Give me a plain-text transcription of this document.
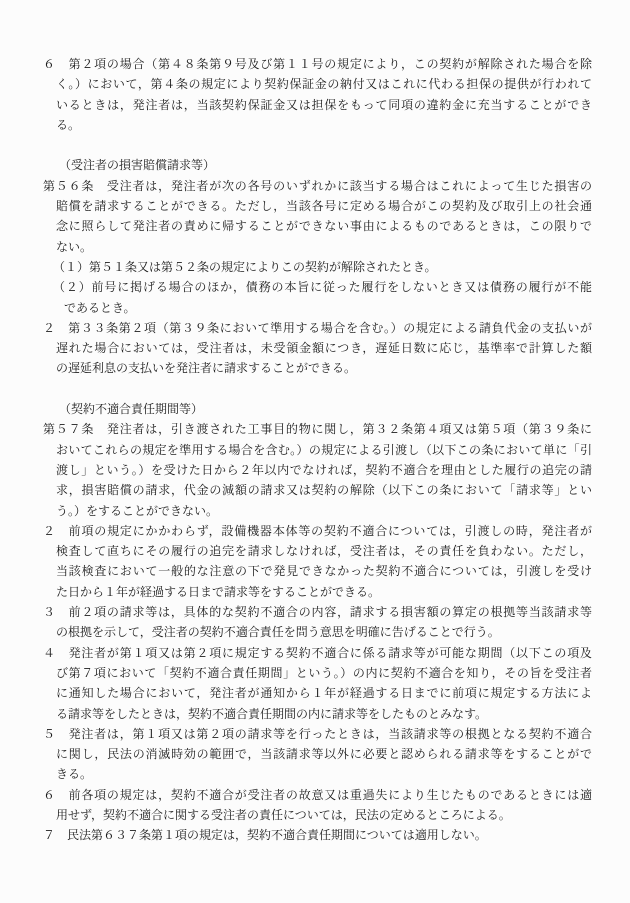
６　第２項の場合（第４８条第９号及び第１１号の規定により，この契約が解除された場合を除
く。）において，第４条の規定により契約保証金の納付又はこれに代わる担保の提供が行われて
いるときは，発注者は，当該契約保証金又は担保をもって同項の違約金に充当することができ
る。
（受注者の損害賠償請求等）
第５６条　受注者は，発注者が次の各号のいずれかに該当する場合はこれによって生じた損害の
賠償を請求することができる。ただし，当該各号に定める場合がこの契約及び取引上の社会通
念に照らして発注者の責めに帰することができない事由によるものであるときは，この限りで
ない。
（１）第５１条又は第５２条の規定によりこの契約が解除されたとき。
（２）前号に掲げる場合のほか，債務の本旨に従った履行をしないとき又は債務の履行が不能
であるとき。
２　第３３条第２項（第３９条において準用する場合を含む。）の規定による請負代金の支払いが
遅れた場合においては，受注者は，未受領金額につき，遅延日数に応じ，基準率で計算した額
の遅延利息の支払いを発注者に請求することができる。
（契約不適合責任期間等）
第５７条　発注者は，引き渡された工事目的物に関し，第３２条第４項又は第５項（第３９条に
おいてこれらの規定を準用する場合を含む。）の規定による引渡し（以下この条において単に「引
渡し」という。）を受けた日から２年以内でなければ，契約不適合を理由とした履行の追完の請
求，損害賠償の請求，代金の減額の請求又は契約の解除（以下この条において「請求等」とい
う。）をすることができない。
２　前項の規定にかかわらず，設備機器本体等の契約不適合については，引渡しの時，発注者が
検査して直ちにその履行の追完を請求しなければ，受注者は，その責任を負わない。ただし，
当該検査において一般的な注意の下で発見できなかった契約不適合については，引渡しを受け
た日から１年が経過する日まで請求等をすることができる。
３　前２項の請求等は，具体的な契約不適合の内容，請求する損害額の算定の根拠等当該請求等
の根拠を示して，受注者の契約不適合責任を問う意思を明確に告げることで行う。
４　発注者が第１項又は第２項に規定する契約不適合に係る請求等が可能な期間（以下この項及
び第７項において「契約不適合責任期間」という。）の内に契約不適合を知り，その旨を受注者
に通知した場合において，発注者が通知から１年が経過する日までに前項に規定する方法によ
る請求等をしたときは，契約不適合責任期間の内に請求等をしたものとみなす。
５　発注者は，第１項又は第２項の請求等を行ったときは，当該請求等の根拠となる契約不適合
に関し，民法の消滅時効の範囲で，当該請求等以外に必要と認められる請求等をすることがで
きる。
６　前各項の規定は，契約不適合が受注者の故意又は重過失により生じたものであるときには適
用せず，契約不適合に関する受注者の責任については，民法の定めるところによる。
７　民法第６３７条第１項の規定は，契約不適合責任期間については適用しない。
